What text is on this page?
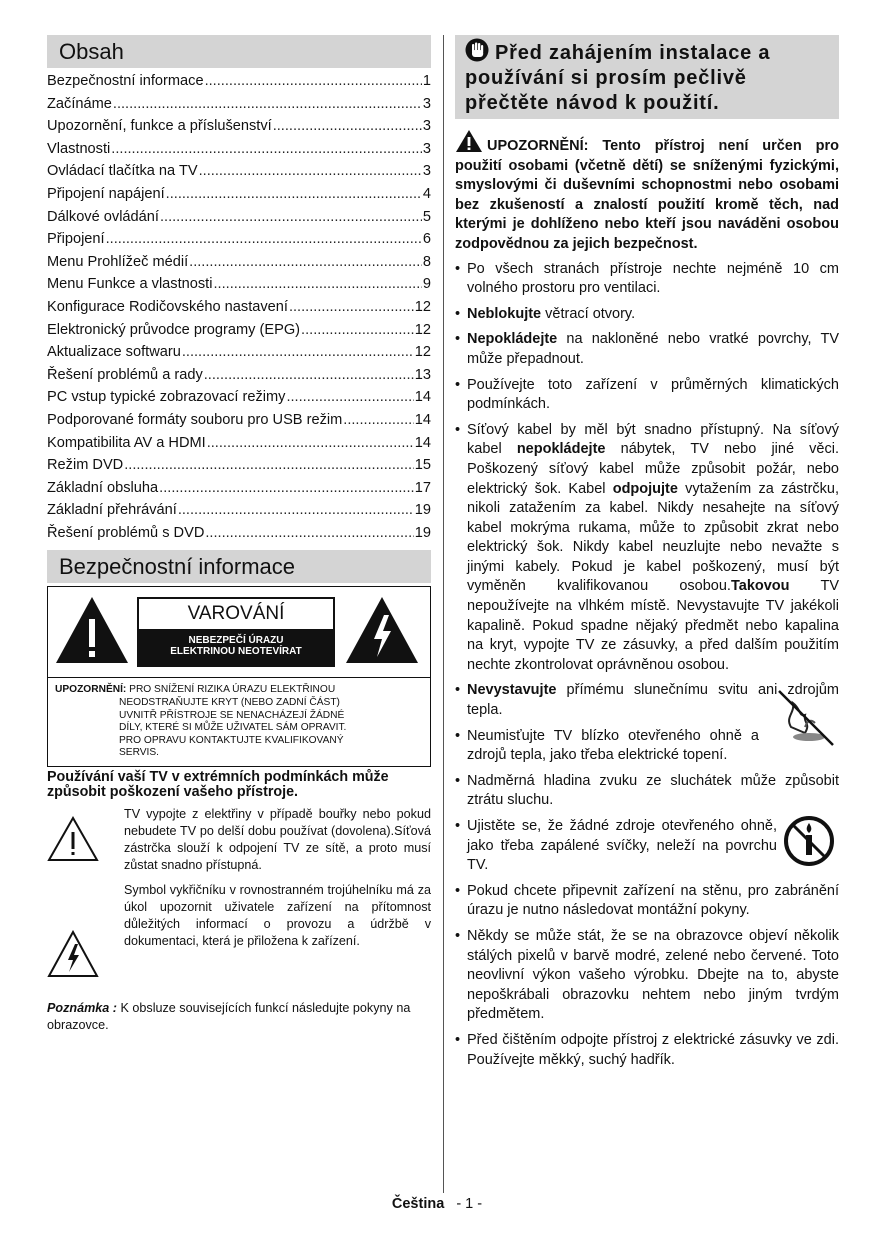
Obsah
Bezpečnostní informace .....	1
Začínáme .....	3
Upozornění, funkce a příslušenství .....	3
Vlastnosti .....	3
Ovládací tlačítka na TV .....	3
Připojení napájení .....	4
Dálkové ovládání .....	5
Připojení .....	6
Menu Prohlížeč médií .....	8
Menu Funkce a vlastnosti .....	9
Konfigurace Rodičovského nastavení .....	12
Elektronický průvodce programy (EPG) .....	12
Aktualizace softwaru .....	12
Řešení problémů a rady .....	13
PC vstup typické zobrazovací režimy .....	14
Podporované formáty souboru pro USB režim .....	14
Kompatibilita AV a HDMI .....	14
Režim DVD .....	15
Základní obsluha .....	17
Základní přehrávání .....	19
Řešení problémů s DVD .....	19
Bezpečnostní informace
VAROVÁNÍ
NEBEZPEČÍ ÚRAZU
ELEKTRINOU NEOTEVÍRAT
UPOZORNĚNÍ: PRO SNÍŽENÍ RIZIKA ÚRAZU ELEKTŘINOU
NEODSTRAŇUJTE KRYT (NEBO ZADNÍ ČÁST)
UVNITŘ PŘÍSTROJE SE NENACHÁZEJÍ ŽÁDNÉ
DÍLY, KTERÉ SI MŮŽE UŽIVATEL SÁM OPRAVIT.
PRO OPRAVU KONTAKTUJTE KVALIFIKOVANÝ
SERVIS.
Používání vaší TV v extrémních podmínkách může způsobit poškození vašeho přístroje.
TV vypojte z elektřiny v případě bouřky nebo pokud nebudete TV po delší dobu používat (dovolena).Síťová zástrčka slouží k odpojení TV ze sítě, a proto musí zůstat snadno přístupná.
Symbol vykřičníku v rovnostranném trojúhelníku má za úkol upozornit uživatele zařízení na přítomnost důležitých informací o provozu a údržbě v dokumentaci, která je přiložena k zařízení.
Poznámka : K obsluze souvisejících funkcí následujte pokyny na obrazovce.
Před zahájením instalace a používání si prosím pečlivě přečtěte návod k použití.
UPOZORNĚNÍ: Tento přístroj není určen pro použití osobami (včetně dětí) se sníženými fyzickými, smyslovými či duševními schopnostmi nebo osobami bez zkušeností a znalostí použití kromě těch, nad kterými je dohlíženo nebo kteří jsou naváděni osobou zodpovědnou za jejich bezpečnost.
• Po všech stranách přístroje nechte nejméně 10 cm volného prostoru pro ventilaci.
• Neblokujte větrací otvory.
• Nepokládejte na nakloněné nebo vratké povrchy, TV může přepadnout.
• Používejte toto zařízení v průměrných klimatických podmínkách.
• Síťový kabel by měl být snadno přístupný. Na síťový kabel nepokládejte nábytek, TV nebo jiné věci. Poškozený síťový kabel může způsobit požár, nebo elektrický šok. Kabel odpojujte vytažením za zástrčku, nikoli zatažením za kabel. Nikdy nesahejte na síťový kabel mokrýma rukama, může to způsobit zkrat nebo elektrický šok. Nikdy kabel neuzlujte nebo nevažte s jinými kabely. Pokud je kabel poškozený, musí být vyměněn kvalifikovanou osobou.Takovou TV nepoužívejte na vlhkém místě. Nevystavujte TV jakékoli kapalině. Pokud spadne nějaký předmět nebo kapalina na kryt, vypojte TV ze zásuvky, a před dalším použitím nechte zkontrolovat oprávněnou osobou.
• Nevystavujte přímému slunečnímu svitu ani zdrojům tepla.
• Neumisťujte TV blízko otevřeného ohně a zdrojů tepla, jako třeba elektrické topení.
• Nadměrná hladina zvuku ze sluchátek může způsobit ztrátu sluchu.
• Ujistěte se, že žádné zdroje otevřeného ohně, jako třeba zapálené svíčky, neleží na povrchu TV.
• Pokud chcete připevnit zařízení na stěnu, pro zabránění úrazu je nutno následovat montážní pokyny.
• Někdy se může stát, že se na obrazovce objeví několik stálých pixelů v barvě modré, zelené nebo červené. Toto neovlivní výkon vašeho výrobku. Dbejte na to, abyste nepoškrábali obrazovku nehtem nebo jiným tvrdým předmětem.
• Před čištěním odpojte přístroj z elektrické zásuvky ve zdi. Používejte měkký, suchý hadřík.
Čeština - 1 -
